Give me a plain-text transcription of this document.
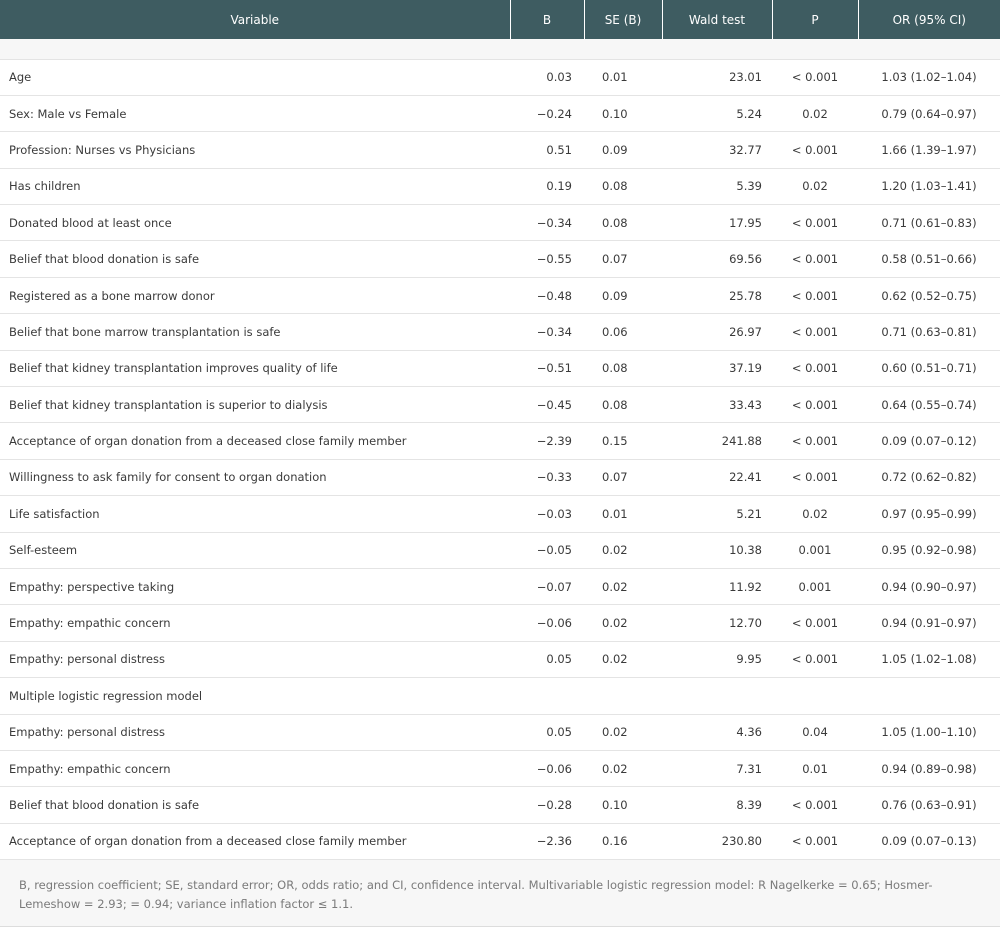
Variable	B	SE (B)	Wald test	P	OR (95% CI)

Age	0.03	0.01	23.01	< 0.001	1.03 (1.02–1.04)
Sex: Male vs Female	−0.24	0.10	5.24	0.02	0.79 (0.64–0.97)
Profession: Nurses vs Physicians	0.51	0.09	32.77	< 0.001	1.66 (1.39–1.97)
Has children	0.19	0.08	5.39	0.02	1.20 (1.03–1.41)
Donated blood at least once	−0.34	0.08	17.95	< 0.001	0.71 (0.61–0.83)
Belief that blood donation is safe	−0.55	0.07	69.56	< 0.001	0.58 (0.51–0.66)
Registered as a bone marrow donor	−0.48	0.09	25.78	< 0.001	0.62 (0.52–0.75)
Belief that bone marrow transplantation is safe	−0.34	0.06	26.97	< 0.001	0.71 (0.63–0.81)
Belief that kidney transplantation improves quality of life	−0.51	0.08	37.19	< 0.001	0.60 (0.51–0.71)
Belief that kidney transplantation is superior to dialysis	−0.45	0.08	33.43	< 0.001	0.64 (0.55–0.74)
Acceptance of organ donation from a deceased close family member	−2.39	0.15	241.88	< 0.001	0.09 (0.07–0.12)
Willingness to ask family for consent to organ donation	−0.33	0.07	22.41	< 0.001	0.72 (0.62–0.82)
Life satisfaction	−0.03	0.01	5.21	0.02	0.97 (0.95–0.99)
Self-esteem	−0.05	0.02	10.38	0.001	0.95 (0.92–0.98)
Empathy: perspective taking	−0.07	0.02	11.92	0.001	0.94 (0.90–0.97)
Empathy: empathic concern	−0.06	0.02	12.70	< 0.001	0.94 (0.91–0.97)
Empathy: personal distress	0.05	0.02	9.95	< 0.001	1.05 (1.02–1.08)
Multiple logistic regression model					
Empathy: personal distress	0.05	0.02	4.36	0.04	1.05 (1.00–1.10)
Empathy: empathic concern	−0.06	0.02	7.31	0.01	0.94 (0.89–0.98)
Belief that blood donation is safe	−0.28	0.10	8.39	< 0.001	0.76 (0.63–0.91)
Acceptance of organ donation from a deceased close family member	−2.36	0.16	230.80	< 0.001	0.09 (0.07–0.13)

B, regression coefficient; SE, standard error; OR, odds ratio; and CI, confidence interval. Multivariable logistic regression model: R Nagelkerke = 0.65; Hosmer-Lemeshow = 2.93; = 0.94; variance inflation factor ≤ 1.1.
